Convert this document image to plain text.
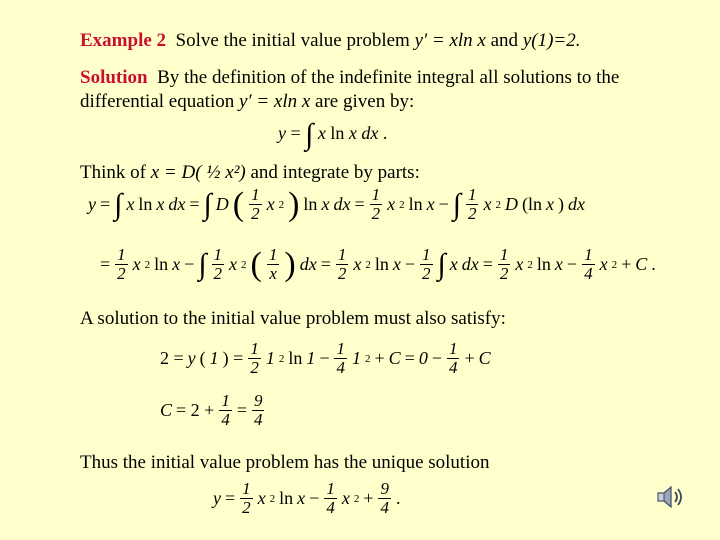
Example 2 Solve the initial value problem y′ = xln x and y(1)=2.
Solution By the definition of the indefinite integral all solutions to the
differential equation y′ = xln x are given by:
y = ∫ x ln x dx .
Think of x = D( ½ x²) and integrate by parts:
y = ∫ x ln x dx = ∫ D ( $\frac{1}{2}$ x 2 ) ln x dx = $\frac{1}{2}$ x 2 ln x − ∫ $\frac{1}{2}$ x 2 D (ln x ) dx
= $\frac{1}{2}$ x 2 ln x − ∫ $\frac{1}{2}$ x 2 ( $\frac{1}{x}$ ) dx = $\frac{1}{2}$ x 2 $\ln x - \frac{1}{2}$ ∫ x dx = $\frac{1}{2}$ x 2 $\ln x - \frac{1}{4}$ x 2 + C .
A solution to the initial value problem must also satisfy:
2 = y ( 1 ) = $\frac{1}{2} 1$ 2 $\ln 1 - \frac{1}{4} 1$ $2 + C = 0 - \frac{1}{4} + C$
$C = 2 + \frac{1}{4} = \frac{9}{4}$
Thus the initial value problem has the unique solution
$y = \frac{1}{2}$ x 2 $\ln x - \frac{1}{4}$ x $2 + \frac{9}{4}$ .
